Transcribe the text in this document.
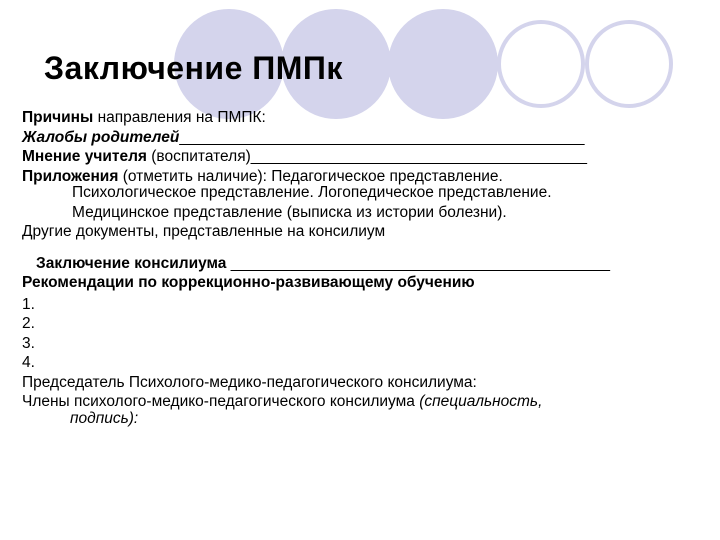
Заключение ПМПк
Причины направления на ПМПК:
Жалобы родителей_______________________________________________
Мнение учителя (воспитателя)_______________________________________
Приложения (отметить наличие): Педагогическое представление.
Психологическое представление. Логопедическое представление.
Медицинское представление (выписка из истории болезни).
Другие документы, представленные на консилиум
Заключение консилиума ____________________________________________
Рекомендации по коррекционно-развивающему обучению
1.
2.
3.
4.
Председатель Психолого-медико-педагогического консилиума:
Члены психолого-медико-педагогического консилиума (специальность,
подпись):
